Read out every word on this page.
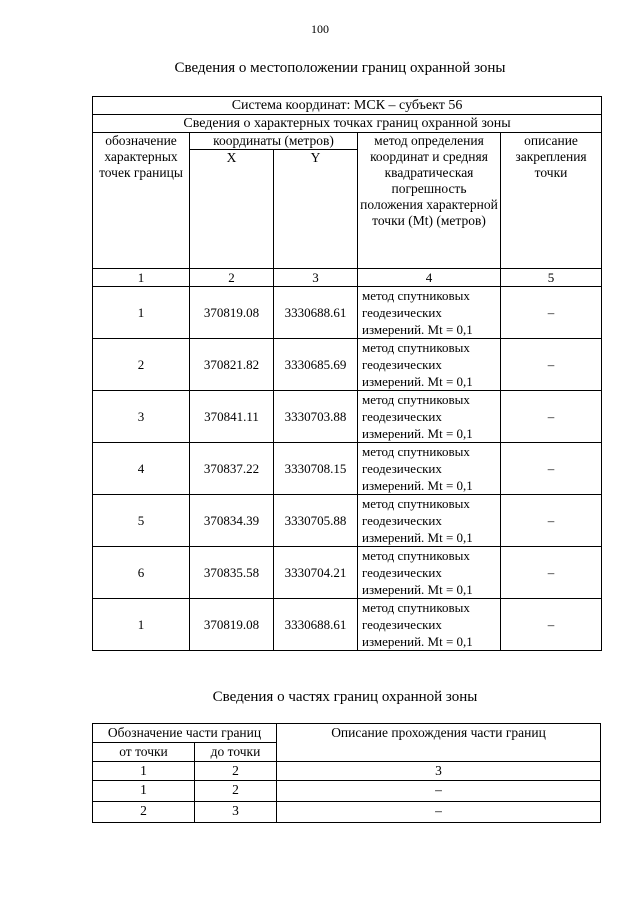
100
Сведения о местоположении границ охранной зоны
Система координат: МСК – субъект 56				
Сведения о характерных точках границ охранной зоны				
обозначение характерных точек границы	координаты (метров)		метод определения координат и средняя квадратическая погрешность положения характерной точки (Mt) (метров)	описание закрепления точки
	X	Y		
1	2	3	4	5
1	370819.08	3330688.61	метод спутниковых геодезических измерений. Mt = 0,1	–
2	370821.82	3330685.69	метод спутниковых геодезических измерений. Mt = 0,1	–
3	370841.11	3330703.88	метод спутниковых геодезических измерений. Mt = 0,1	–
4	370837.22	3330708.15	метод спутниковых геодезических измерений. Mt = 0,1	–
5	370834.39	3330705.88	метод спутниковых геодезических измерений. Mt = 0,1	–
6	370835.58	3330704.21	метод спутниковых геодезических измерений. Mt = 0,1	–
1	370819.08	3330688.61	метод спутниковых геодезических измерений. Mt = 0,1	–
Сведения о частях границ охранной зоны
Обозначение части границ		Описание прохождения части границ
от точки	до точки	
1	2	3
1	2	–
2	3	–
